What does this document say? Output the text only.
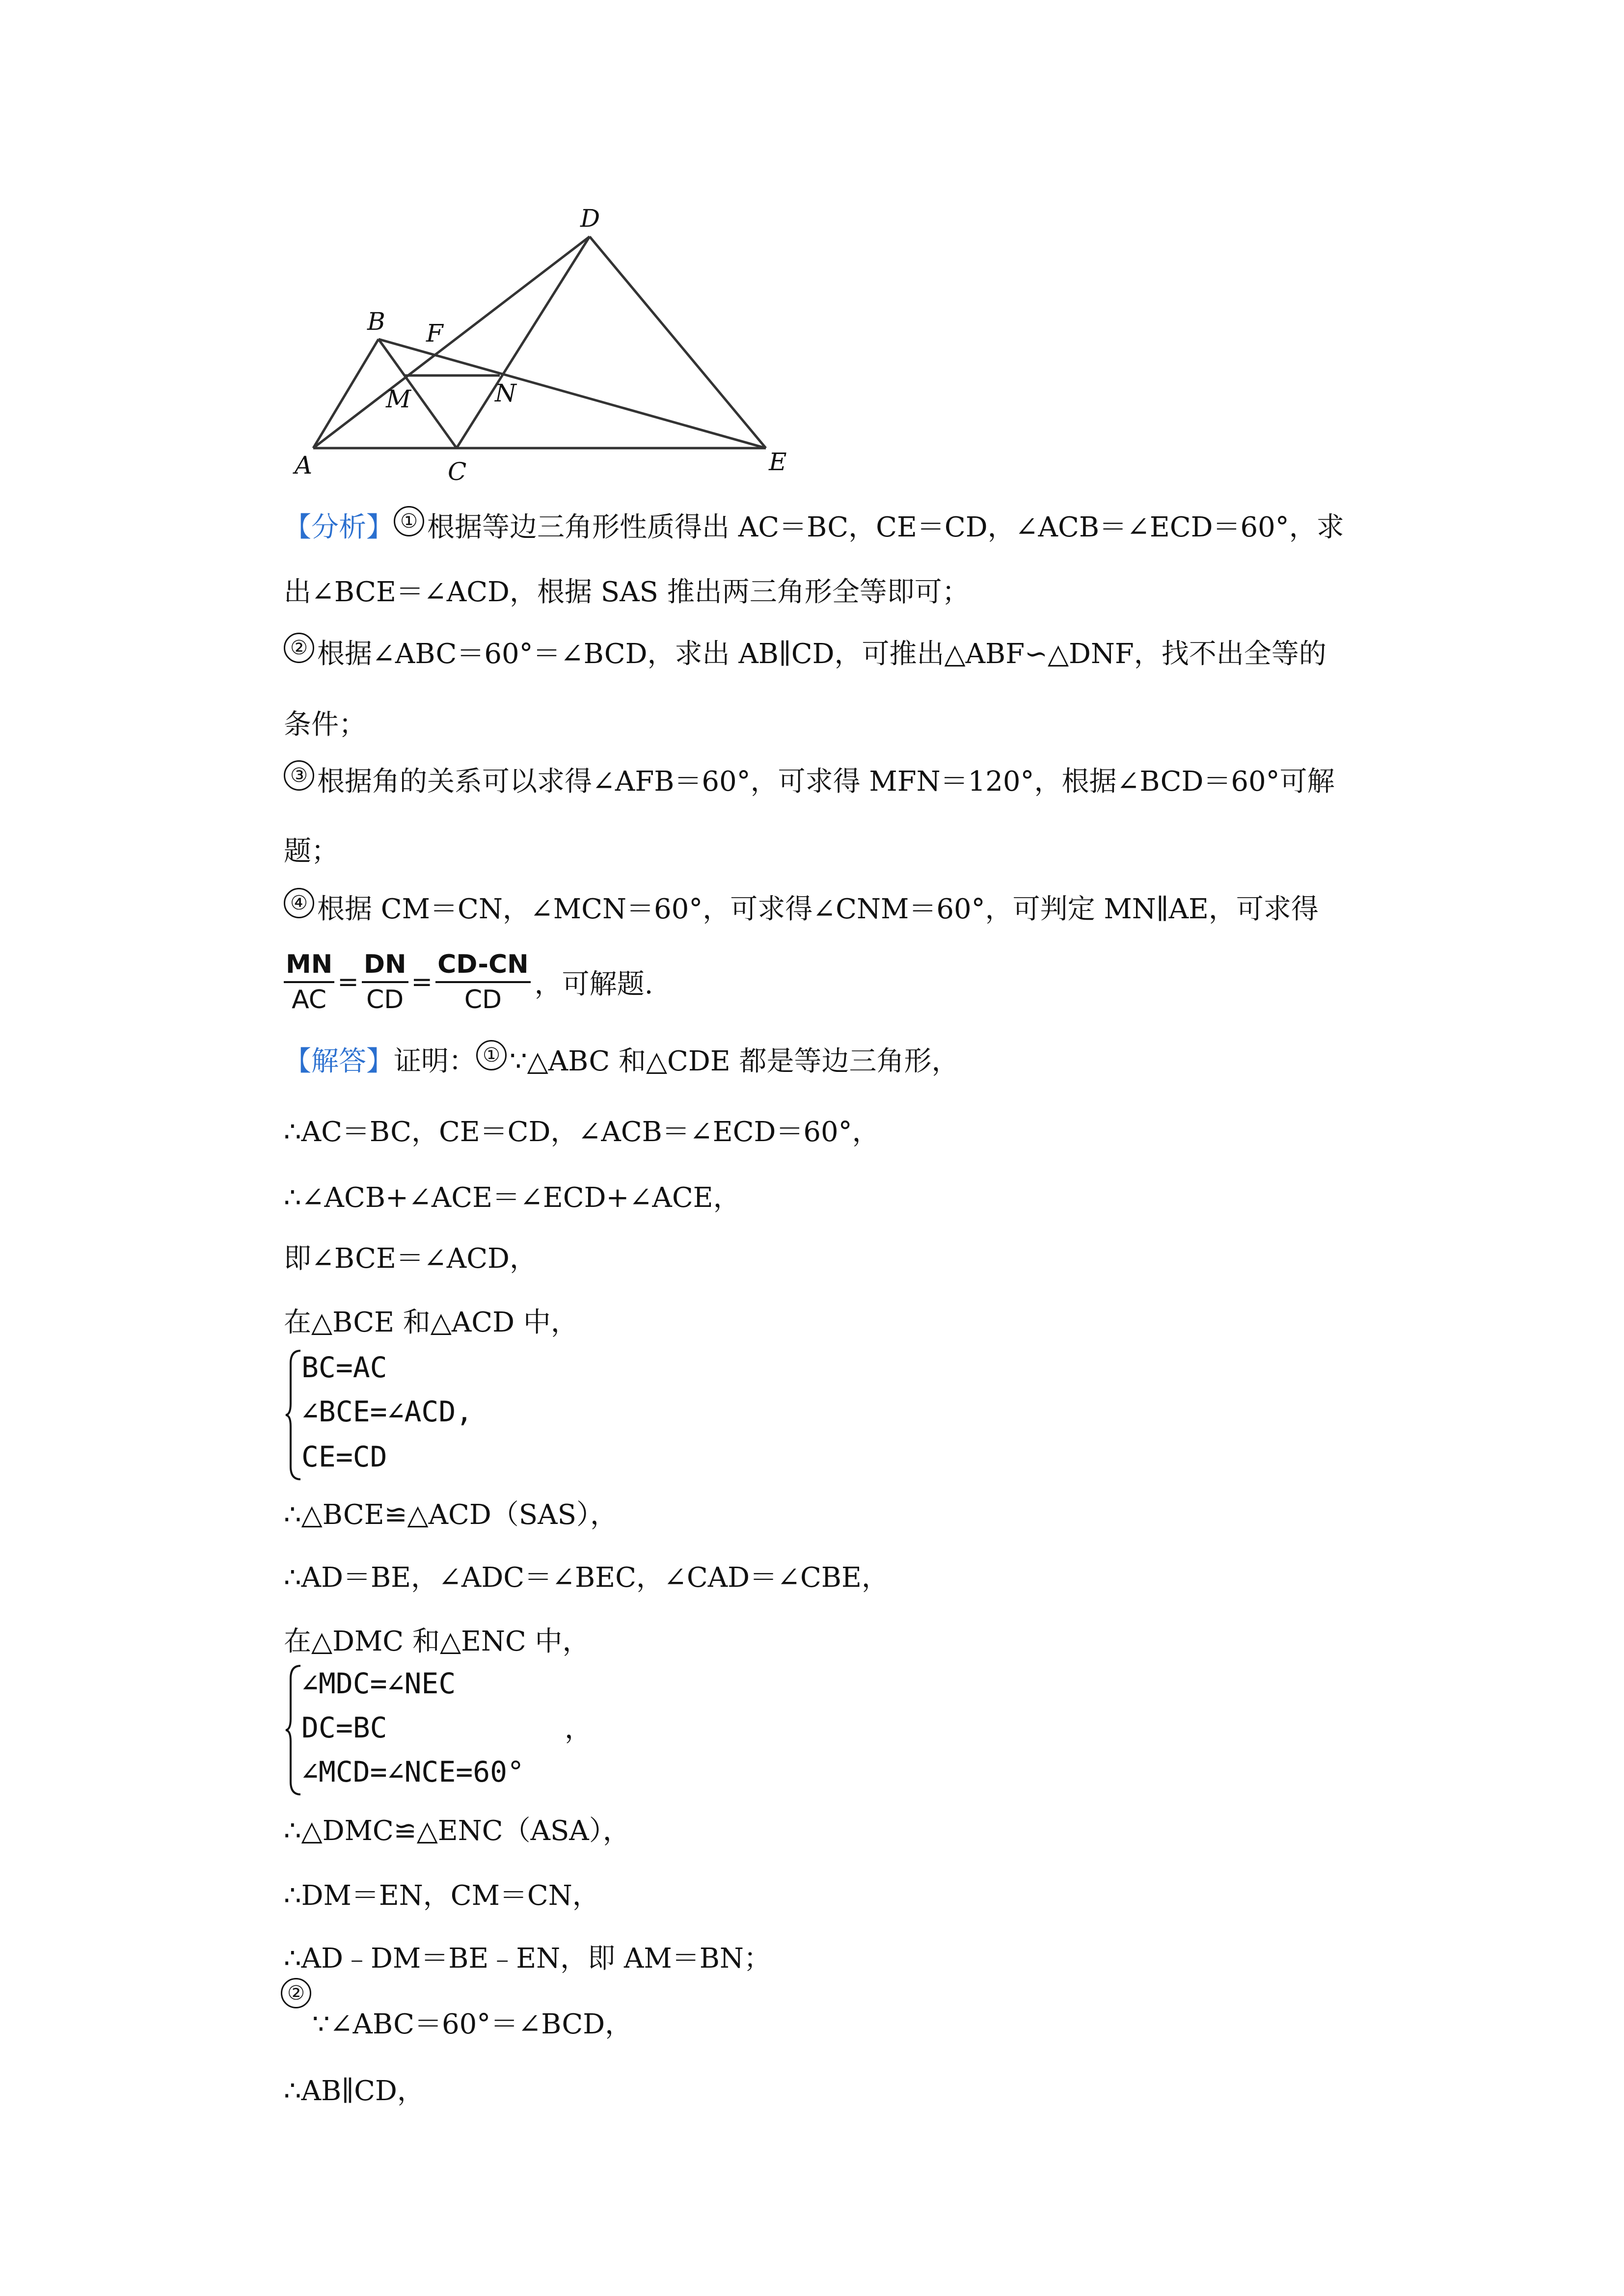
A
B
C
D
E
F
M	N
【分析】 ① 根据等边三角形性质得出 AC＝BC，CE＝CD，∠ACB＝∠ECD＝60°，求
出∠BCE＝∠ACD，根据 SAS 推出两三角形全等即可；
② 根据∠ABC＝60°＝∠BCD，求出 AB∥CD，可推出△ABF∽△DNF，找不出全等的
条件；
③ 根据角的关系可以求得∠AFB＝60°，可求得 MFN＝120°，根据∠BCD＝60°可解
题；
④ 根据 CM＝CN，∠MCN＝60°，可求得∠CNM＝60°，可判定 MN∥AE，可求得
$\frac{MN}{AC} = \frac{DN}{CD} = \frac{CD-CN}{CD}$ ，可解题.
【解答】证明： ① ∵△ABC 和△CDE 都是等边三角形，
∴AC＝BC，CE＝CD，∠ACB＝∠ECD＝60°，
∴∠ACB+∠ACE＝∠ECD+∠ACE，
即∠BCE＝∠ACD，
在△BCE 和△ACD 中，
BC=AC
∠BCE=∠ACD,
CE=CD
∴△BCE≌△ACD（SAS），
∴AD＝BE，∠ADC＝∠BEC，∠CAD＝∠CBE，
在△DMC 和△ENC 中，
∠MDC=∠NEC
DC=BC
∠MCD=∠NCE=60°
，
∴△DMC≌△ENC（ASA），
∴DM＝EN，CM＝CN，
∴AD﹣DM＝BE﹣EN，即 AM＝BN；
②
∵∠ABC＝60°＝∠BCD，
∴AB∥CD，
